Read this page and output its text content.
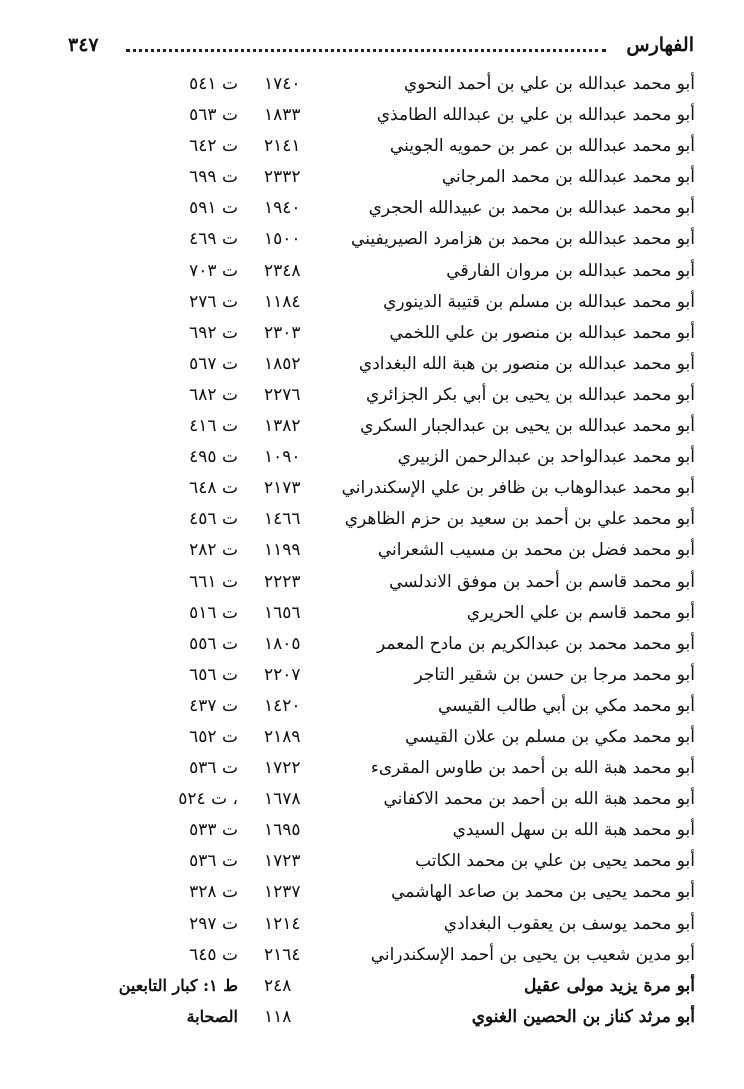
الفهارس
٣٤٧
أبو محمد عبدالله بن علي بن أحمد النحوي
١٧٤٠
ت ٥٤١
أبو محمد عبدالله بن علي بن عبدالله الطامذي
١٨٣٣
ت ٥٦٣
أبو محمد عبدالله بن عمر بن حمويه الجويني
٢١٤١
ت ٦٤٢
أبو محمد عبدالله بن محمد المرجاني
٢٣٣٢
ت ٦٩٩
أبو محمد عبدالله بن محمد بن عبيدالله الحجري
١٩٤٠
ت ٥٩١
أبو محمد عبدالله بن محمد بن هزامرد الصيريفيني
١٥٠٠
ت ٤٦٩
أبو محمد عبدالله بن مروان الفارقي
٢٣٤٨
ت ٧٠٣
أبو محمد عبدالله بن مسلم بن قتيبة الدينوري
١١٨٤
ت ٢٧٦
أبو محمد عبدالله بن منصور بن علي اللخمي
٢٣٠٣
ت ٦٩٢
أبو محمد عبدالله بن منصور بن هبة الله البغدادي
١٨٥٢
ت ٥٦٧
أبو محمد عبدالله بن يحيى بن أبي بكر الجزائري
٢٢٧٦
ت ٦٨٢
أبو محمد عبدالله بن يحيى بن عبدالجبار السكري
١٣٨٢
ت ٤١٦
أبو محمد عبدالواحد بن عبدالرحمن الزبيري
١٠٩٠
ت ٤٩٥
أبو محمد عبدالوهاب بن ظافر بن علي الإسكندراني
٢١٧٣
ت ٦٤٨
أبو محمد علي بن أحمد بن سعيد بن حزم الظاهري
١٤٦٦
ت ٤٥٦
أبو محمد فضل بن محمد بن مسيب الشعراني
١١٩٩
ت ٢٨٢
أبو محمد قاسم بن أحمد بن موفق الاندلسي
٢٢٢٣
ت ٦٦١
أبو محمد قاسم بن علي الحريري
١٦٥٦
ت ٥١٦
أبو محمد محمد بن عبدالكريم بن مادح المعمر
١٨٠٥
ت ٥٥٦
أبو محمد مرجا بن حسن بن شقير التاجر
٢٢٠٧
ت ٦٥٦
أبو محمد مكي بن أبي طالب القيسي
١٤٢٠
ت ٤٣٧
أبو محمد مكي بن مسلم بن علان القيسي
٢١٨٩
ت ٦٥٢
أبو محمد هبة الله بن أحمد بن طاوس المقرىء
١٧٢٢
ت ٥٣٦
أبو محمد هبة الله بن أحمد بن محمد الاكفاني
١٦٧٨
، ت ٥٢٤
أبو محمد هبة الله بن سهل السيدي
١٦٩٥
ت ٥٣٣
أبو محمد يحيى بن علي بن محمد الكاتب
١٧٢٣
ت ٥٣٦
أبو محمد يحيى بن محمد بن صاعد الهاشمي
١٢٣٧
ت ٣٢٨
أبو محمد يوسف بن يعقوب البغدادي
١٢١٤
ت ٢٩٧
أبو مدين شعيب بن يحيى بن أحمد الإسكندراني
٢١٦٤
ت ٦٤٥
أبو مرة يزيد مولى عقيل
٢٤٨
ط ١: كبار التابعين
أبو مرثد كناز بن الحصين الغنوي
١١٨
الصحابة
